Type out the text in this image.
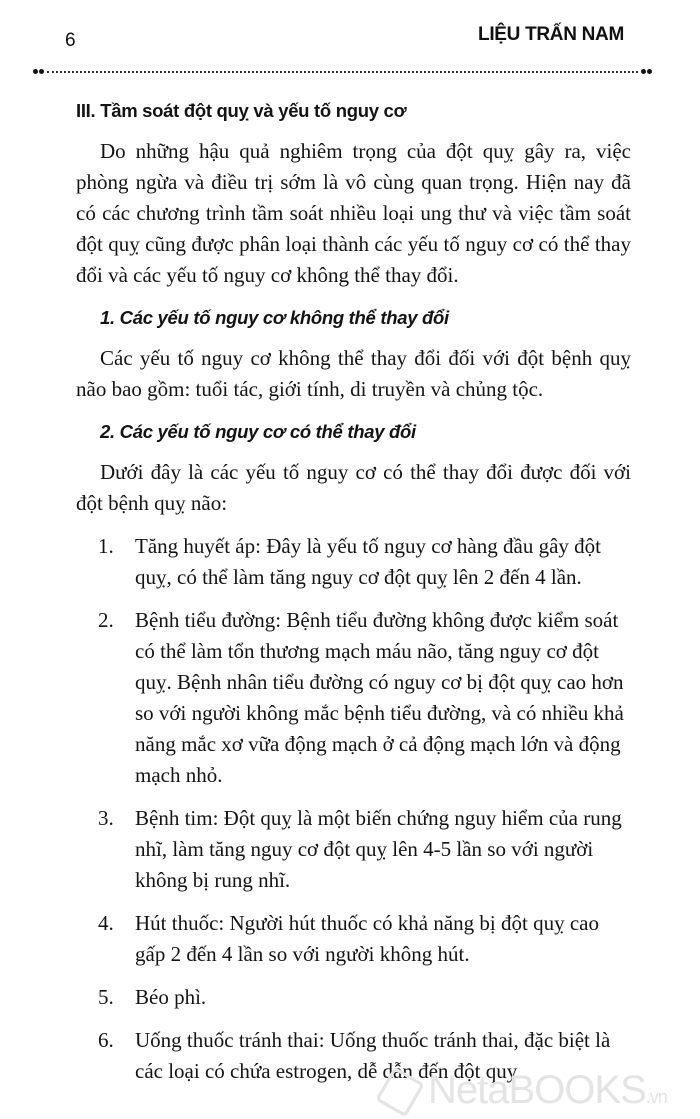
6	LIỆU TRẤN NAM
III. Tầm soát đột quỵ và yếu tố nguy cơ

Do những hậu quả nghiêm trọng của đột quỵ gây ra, việc phòng ngừa và điều trị sớm là vô cùng quan trọng. Hiện nay đã có các chương trình tầm soát nhiều loại ung thư và việc tầm soát đột quỵ cũng được phân loại thành các yếu tố nguy cơ có thể thay đổi và các yếu tố nguy cơ không thể thay đổi.

1. Các yếu tố nguy cơ không thể thay đổi

Các yếu tố nguy cơ không thể thay đổi đối với đột bệnh quỵ não bao gồm: tuổi tác, giới tính, di truyền và chủng tộc.

2. Các yếu tố nguy cơ có thể thay đổi

Dưới đây là các yếu tố nguy cơ có thể thay đổi được đối với đột bệnh quỵ não:

1. Tăng huyết áp: Đây là yếu tố nguy cơ hàng đầu gây đột quỵ, có thể làm tăng nguy cơ đột quỵ lên 2 đến 4 lần.
2. Bệnh tiểu đường: Bệnh tiểu đường không được kiểm soát có thể làm tổn thương mạch máu não, tăng nguy cơ đột quỵ. Bệnh nhân tiểu đường có nguy cơ bị đột quỵ cao hơn so với người không mắc bệnh tiểu đường, và có nhiều khả năng mắc xơ vữa động mạch ở cả động mạch lớn và động mạch nhỏ.
3. Bệnh tim: Đột quỵ là một biến chứng nguy hiểm của rung nhĩ, làm tăng nguy cơ đột quỵ lên 4-5 lần so với người không bị rung nhĩ.
4. Hút thuốc: Người hút thuốc có khả năng bị đột quỵ cao gấp 2 đến 4 lần so với người không hút.
5. Béo phì.
6. Uống thuốc tránh thai: Uống thuốc tránh thai, đặc biệt là các loại có chứa estrogen, dễ dẫn đến đột quỵ.
NetaBOOKS.vn
